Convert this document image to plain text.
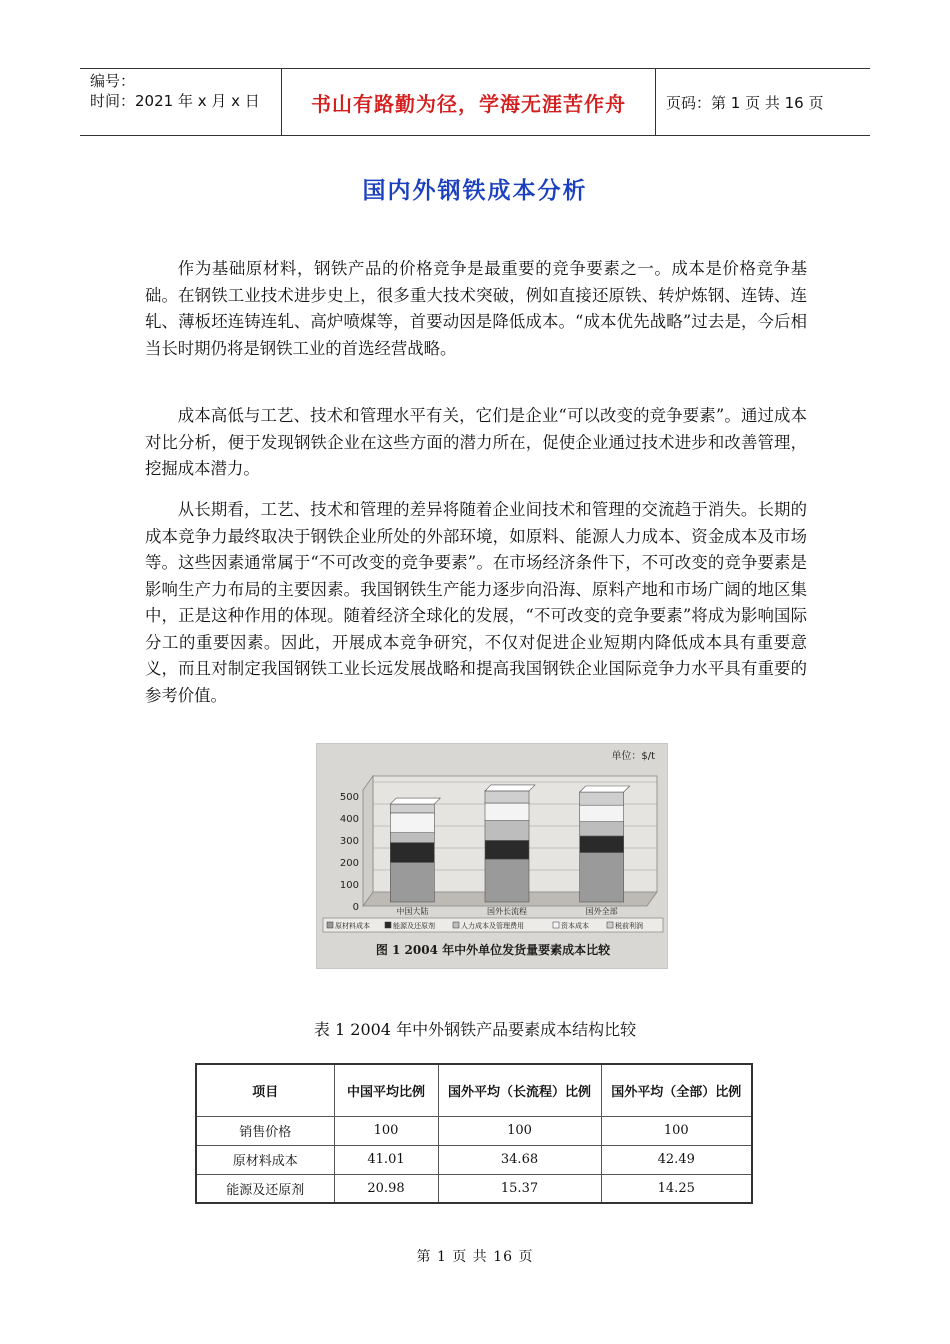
编号：
时间：2021 年 x 月 x 日	书山有路勤为径，学海无涯苦作舟	页码：第 1 页 共 16 页
国内外钢铁成本分析

作为基础原材料，钢铁产品的价格竞争是最重要的竞争要素之一。成本是价格竞争基础。在钢铁工业技术进步史上，很多重大技术突破，例如直接还原铁、转炉炼钢、连铸、连轧、薄板坯连铸连轧、高炉喷煤等，首要动因是降低成本。“成本优先战略”过去是，今后相当长时期仍将是钢铁工业的首选经营战略。

成本高低与工艺、技术和管理水平有关，它们是企业“可以改变的竞争要素”。通过成本对比分析，便于发现钢铁企业在这些方面的潜力所在，促使企业通过技术进步和改善管理，挖掘成本潜力。

从长期看，工艺、技术和管理的差异将随着企业间技术和管理的交流趋于消失。长期的成本竞争力最终取决于钢铁企业所处的外部环境，如原料、能源人力成本、资金成本及市场等。这些因素通常属于“不可改变的竞争要素”。在市场经济条件下，不可改变的竞争要素是影响生产力布局的主要因素。我国钢铁生产能力逐步向沿海、原料产地和市场广阔的地区集中，正是这种作用的体现。随着经济全球化的发展，“不可改变的竞争要素”将成为影响国际分工的重要因素。因此，开展成本竞争研究，不仅对促进企业短期内降低成本具有重要意义，而且对制定我国钢铁工业长远发展战略和提高我国钢铁企业国际竞争力水平具有重要的参考价值。

单位：$/t
0
100
200
300
400
500
中国大陆	国外长流程	国外全部
原材料成本	能源及还原剂	人力成本及管理费用	资本成本	税前利润
图 1 2004 年中外单位发货量要素成本比较
表 1 2004 年中外钢铁产品要素成本结构比较
项目	中国平均比例	国外平均（长流程）比例	国外平均（全部）比例
销售价格	100	100	100
原材料成本	41.01	34.68	42.49
能源及还原剂	20.98	15.37	14.25
第 1 页 共 16 页
